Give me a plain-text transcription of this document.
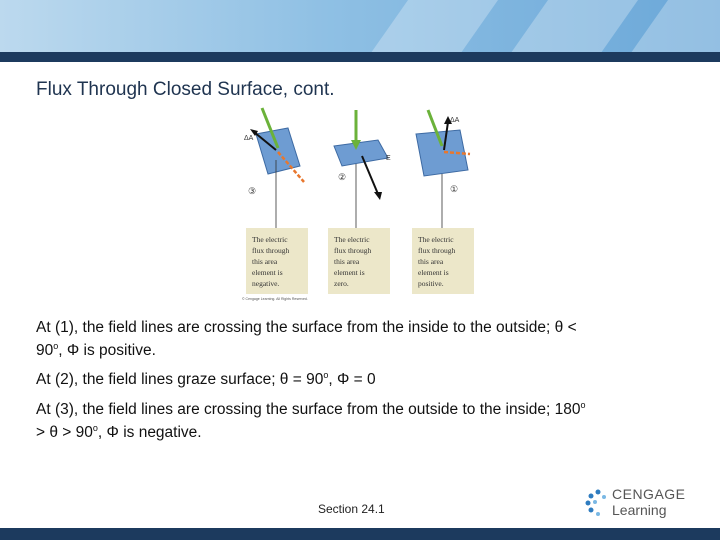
Flux Through Closed Surface, cont.
③
ΔA
②
E
①
ΔA
The electric
flux through
this area
element is
negative.
The electric
flux through
this area
element is
zero.
The electric
flux through
this area
element is
positive.
© Cengage Learning. All Rights Reserved.
At (1), the field lines are crossing the surface from the inside to the outside; θ <
$90^o$, Φ is positive.
At (2), the field lines graze surface; $\theta = 90^o$, Φ = 0
At (3), the field lines are crossing the surface from the outside to the inside; $180^o$
> $\theta > 90^o$, Φ is negative.
Section 24.1
CENGAGE
Learning
